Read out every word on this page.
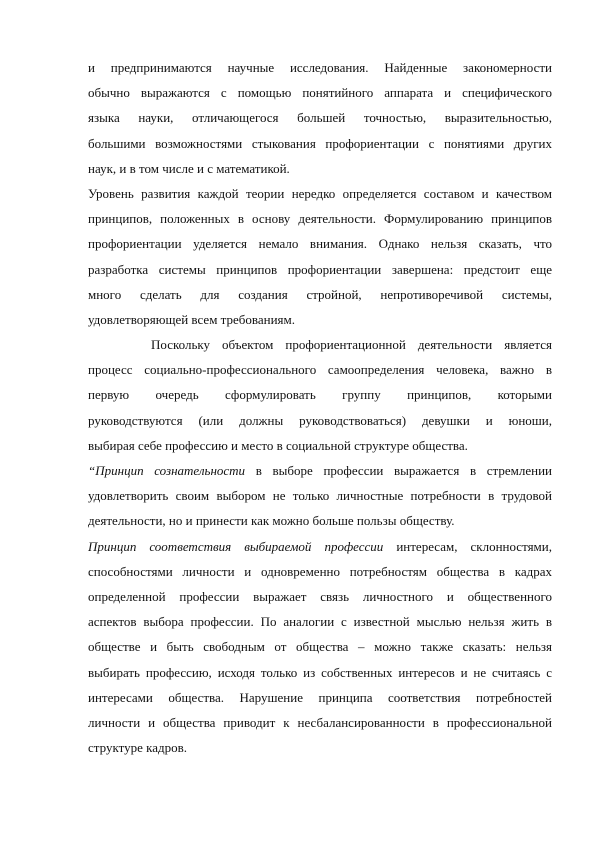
и предпринимаются научные исследования. Найденные закономерности
обычно выражаются с помощью понятийного аппарата и специфического
языка науки, отличающегося большей точностью, выразительностью,
большими возможностями стыкования профориентации с понятиями других
наук, и в том числе и с математикой.
Уровень развития каждой теории нередко определяется составом и качеством
принципов, положенных в основу деятельности. Формулированию принципов
профориентации уделяется немало внимания. Однако нельзя сказать, что
разработка системы принципов профориентации завершена: предстоит еще
много сделать для создания стройной, непротиворечивой системы,
удовлетворяющей всем требованиям.
Поскольку объектом профориентационной деятельности является
процесс социально-профессионального самоопределения человека, важно в
первую очередь сформулировать группу принципов, которыми
руководствуются (или должны руководствоваться) девушки и юноши,
выбирая себе профессию и место в социальной структуре общества.
“Принцип сознательности в выборе профессии выражается в стремлении
удовлетворить своим выбором не только личностные потребности в трудовой
деятельности, но и принести как можно больше пользы обществу.
Принцип соответствия выбираемой профессии интересам, склонностями,
способностями личности и одновременно потребностям общества в кадрах
определенной профессии выражает связь личностного и общественного
аспектов выбора профессии. По аналогии с известной мыслью нельзя жить в
обществе и быть свободным от общества – можно также сказать: нельзя
выбирать профессию, исходя только из собственных интересов и не считаясь с
интересами общества. Нарушение принципа соответствия потребностей
личности и общества приводит к несбалансированности в профессиональной
структуре кадров.
